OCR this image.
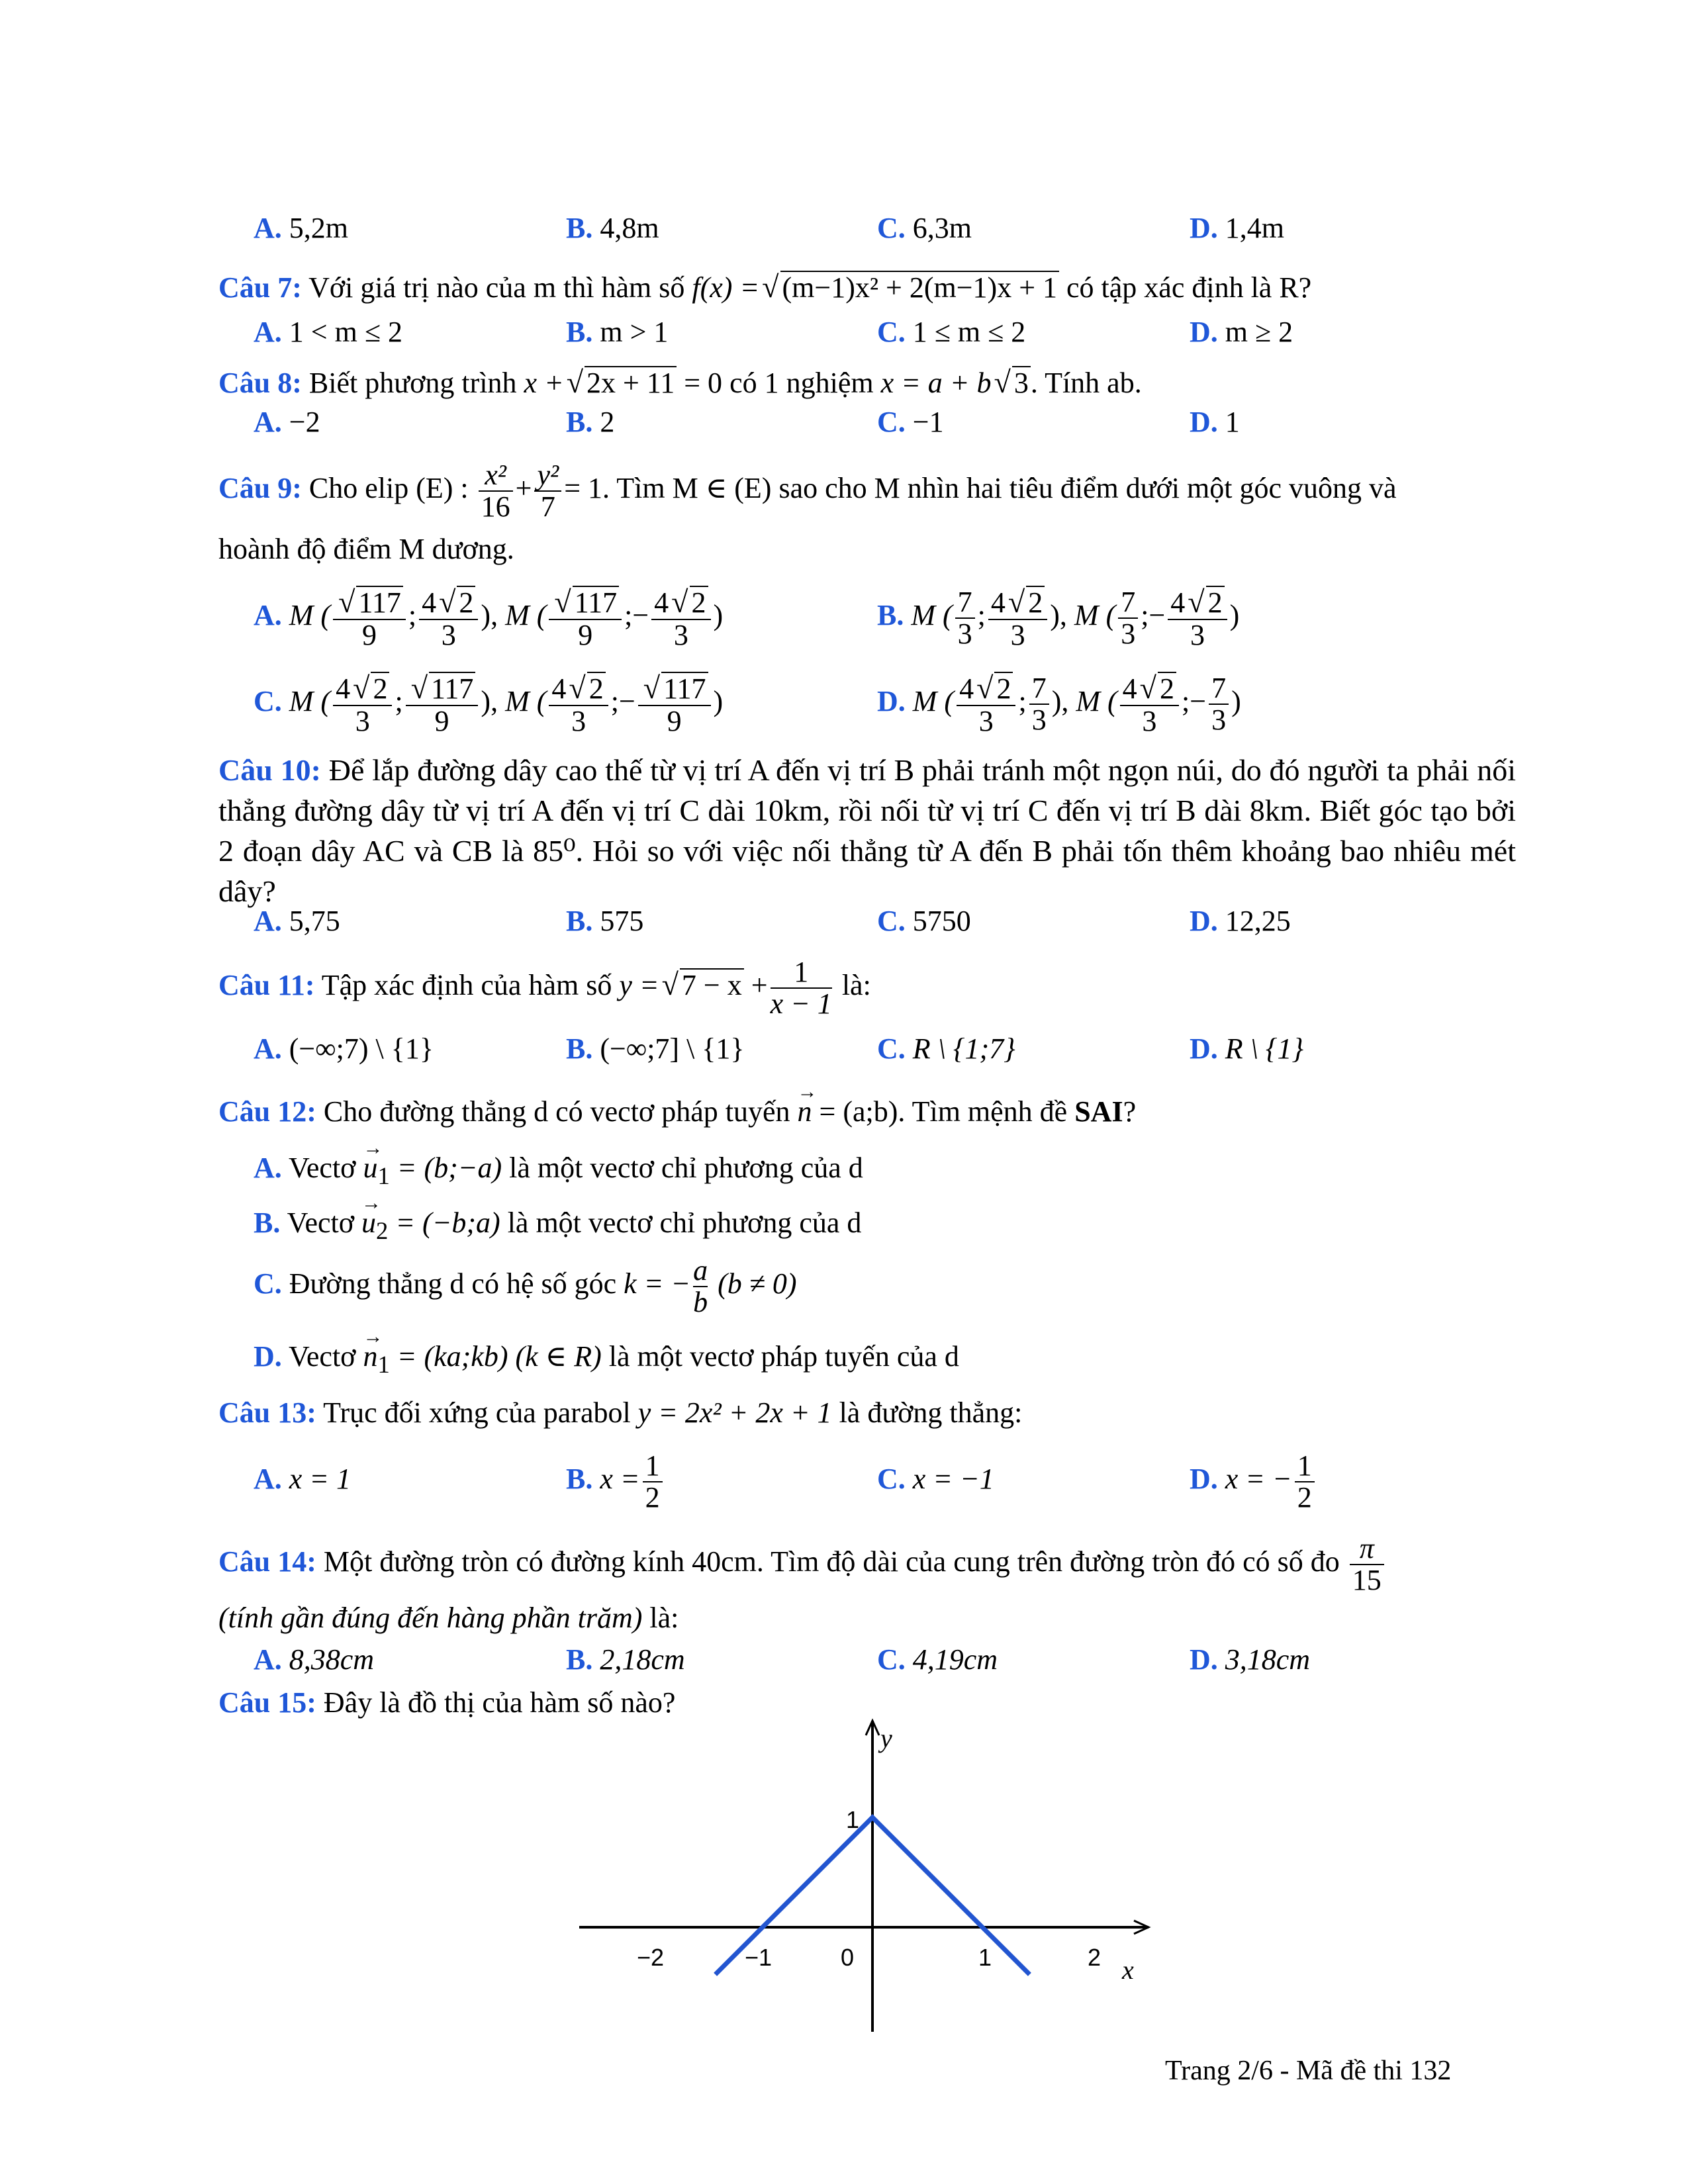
A. 5,2m	B. 4,8m	C. 6,3m	D. 1,4m
Câu 7: Với giá trị nào của m thì hàm số f(x) =√ (m−1)x² + 2(m−1)x + 1 có tập xác định là R?
A. 1 < m ≤ 2	B. m > 1	C. 1 ≤ m ≤ 2	D. m ≥ 2
Câu 8: Biết phương trình x +√ 2x + 11 = 0 có 1 nghiệm x = a + b√ 3. Tính ab.
A. −2	B. 2	C. −1	D. 1
Câu 9: Cho elip (E) : $\frac{\text{x²}}{16} + \frac{\text{y²}}{7} = 1$. Tìm M ∈ (E) sao cho M nhìn hai tiêu điểm dưới một góc vuông và
hoành độ điểm M dương.
A. M ( $\frac{√ 117}{9}$ ; $\frac{4√ 2}{3}$ ), M ( $\frac{√ 117}{9}$ ;− $\frac{4√ 2}{3}$ )	B. M ( $\frac{7}{3}$ ; $\frac{4√ 2}{3}$ ), M ( $\frac{7}{3}$ ;− $\frac{4√ 2}{3}$ )
C. M ( $\frac{4√ 2}{3}$ ; $\frac{√ 117}{9}$ ), M ( $\frac{4√ 2}{3}$ ;− $\frac{√ 117}{9}$ )	D. M ( $\frac{4√ 2}{3}$ ; $\frac{7}{3}$ ), M ( $\frac{4√ 2}{3}$ ;− $\frac{7}{3}$ )
Câu 10: Để lắp đường dây cao thế từ vị trí A đến vị trí B phải tránh một ngọn núi, do đó người ta phải nối thẳng đường dây từ vị trí A đến vị trí C dài 10km, rồi nối từ vị trí C đến vị trí B dài 8km. Biết góc tạo bởi 2 đoạn dây AC và CB là 85⁰. Hỏi so với việc nối thẳng từ A đến B phải tốn thêm khoảng bao nhiêu mét dây?
A. 5,75	B. 575	C. 5750	D. 12,25
Câu 11: Tập xác định của hàm số y =√ $7 - x + \frac{1}{x - 1}$ là:
A. (−∞;7) \ {1}	B. (−∞;7] \ {1}	C. R \ {1;7}	D. R \ {1}
Câu 12: Cho đường thẳng d có vectơ pháp tuyến → n = (a;b). Tìm mệnh đề SAI?
A. Vectơ → $u_1$ = (b;−a) là một vectơ chỉ phương của d
B. Vectơ → $u_2$ = (−b;a) là một vectơ chỉ phương của d
C. Đường thẳng d có hệ số góc k = − $\frac{a}{b} (b \ne 0)$
D. Vectơ → $n_1$ = (ka;kb) (k ∈ R) là một vectơ pháp tuyến của d
Câu 13: Trục đối xứng của parabol y = 2x² + 2x + 1 là đường thẳng:
A. x = 1	B. $x = \frac{1}{2}$	C. x = −1	D. x = − $\frac{1}{2}$
Câu 14: Một đường tròn có đường kính 40cm. Tìm độ dài của cung trên đường tròn đó có số đo $\frac{\pi}{15}$
(tính gần đúng đến hàng phần trăm) là:
A. 8,38cm	B. 2,18cm	C. 4,19cm	D. 3,18cm
Câu 15: Đây là đồ thị của hàm số nào?
y
x
−2	−1	0	1	2
1
Trang 2/6 - Mã đề thi 132
